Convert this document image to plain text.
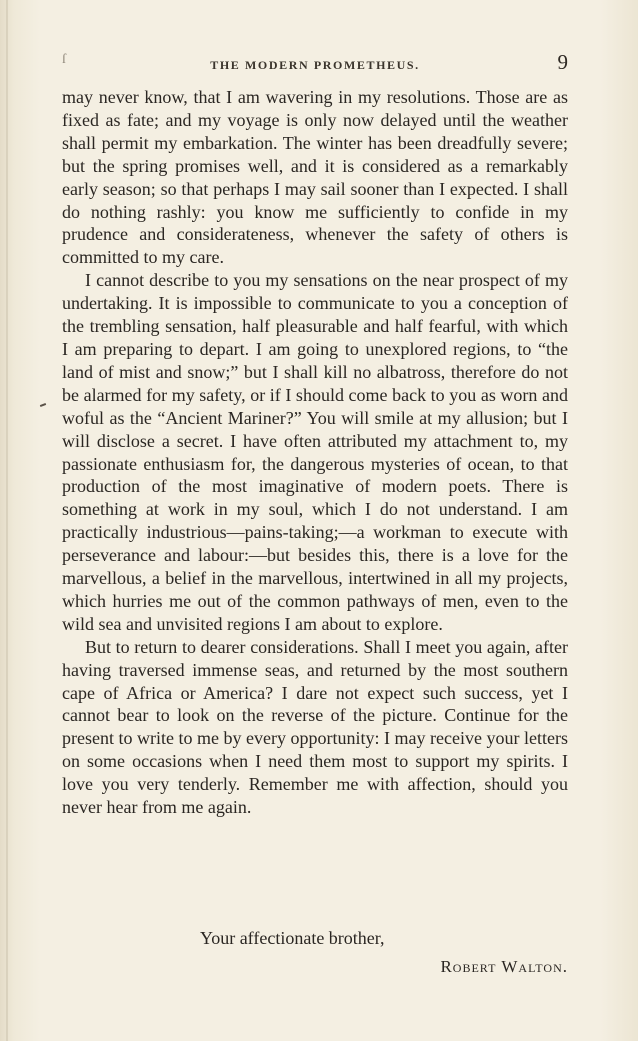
ſ	THE MODERN PROMETHEUS.	9

may never know, that I am wavering in my resolutions. Those are as fixed as fate; and my voyage is only now delayed until the weather shall permit my embarkation. The winter has been dreadfully severe; but the spring promises well, and it is considered as a remarkably early season; so that perhaps I may sail sooner than I expected. I shall do nothing rashly: you know me sufficiently to confide in my prudence and considerateness, whenever the safety of others is committed to my care.

I cannot describe to you my sensations on the near prospect of my undertaking. It is impossible to communicate to you a conception of the trembling sensation, half pleasurable and half fearful, with which I am preparing to depart. I am going to unexplored regions, to “the land of mist and snow;” but I shall kill no albatross, therefore do not be alarmed for my safety, or if I should come back to you as worn and woful as the “Ancient Mariner?” You will smile at my allusion; but I will disclose a secret. I have often attributed my attachment to, my passionate enthusiasm for, the dangerous mysteries of ocean, to that production of the most imaginative of modern poets. There is something at work in my soul, which I do not understand. I am practically industrious—pains-taking;—a workman to execute with perseverance and labour:—but besides this, there is a love for the marvellous, a belief in the marvellous, intertwined in all my projects, which hurries me out of the common pathways of men, even to the wild sea and unvisited regions I am about to explore.

But to return to dearer considerations. Shall I meet you again, after having traversed immense seas, and returned by the most southern cape of Africa or America? I dare not expect such success, yet I cannot bear to look on the reverse of the picture. Continue for the present to write to me by every opportunity: I may receive your letters on some occasions when I need them most to support my spirits. I love you very tenderly. Remember me with affection, should you never hear from me again.

Your affectionate brother,
Robert Walton.
